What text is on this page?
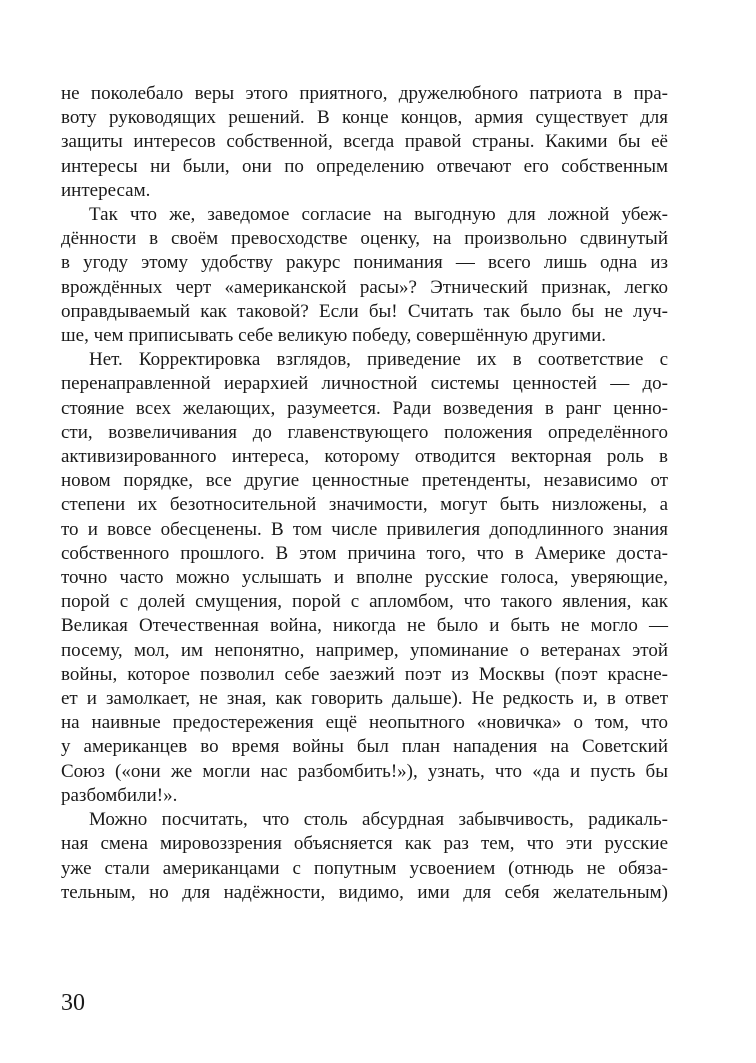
не поколебало веры этого приятного, дружелюбного патриота в пра-
воту руководящих решений. В конце концов, армия существует для
защиты интересов собственной, всегда правой страны. Какими бы её
интересы ни были, они по определению отвечают его собственным
интересам.
Так что же, заведомое согласие на выгодную для ложной убеж-
дённости в своём превосходстве оценку, на произвольно сдвинутый
в угоду этому удобству ракурс понимания — всего лишь одна из
врождённых черт «американской расы»? Этнический признак, легко
оправдываемый как таковой? Если бы! Считать так было бы не луч-
ше, чем приписывать себе великую победу, совершённую другими.
Нет. Корректировка взглядов, приведение их в соответствие с
перенаправленной иерархией личностной системы ценностей — до-
стояние всех желающих, разумеется. Ради возведения в ранг ценно-
сти, возвеличивания до главенствующего положения определённого
активизированного интереса, которому отводится векторная роль в
новом порядке, все другие ценностные претенденты, независимо от
степени их безотносительной значимости, могут быть низложены, а
то и вовсе обесценены. В том числе привилегия доподлинного знания
собственного прошлого. В этом причина того, что в Америке доста-
точно часто можно услышать и вполне русские голоса, уверяющие,
порой с долей смущения, порой с апломбом, что такого явления, как
Великая Отечественная война, никогда не было и быть не могло —
посему, мол, им непонятно, например, упоминание о ветеранах этой
войны, которое позволил себе заезжий поэт из Москвы (поэт краснe-
ет и замолкает, не зная, как говорить дальше). Не редкость и, в ответ
на наивные предостережения ещё неопытного «новичка» о том, что
у американцев во время войны был план нападения на Советский
Союз («они же могли нас разбомбить!»), узнать, что «да и пусть бы
разбомбили!».
Можно посчитать, что столь абсурдная забывчивость, радикаль-
ная смена мировоззрения объясняется как раз тем, что эти русские
уже стали американцами с попутным усвоением (отнюдь не обяза-
тельным, но для надёжности, видимо, ими для себя желательным)
30
